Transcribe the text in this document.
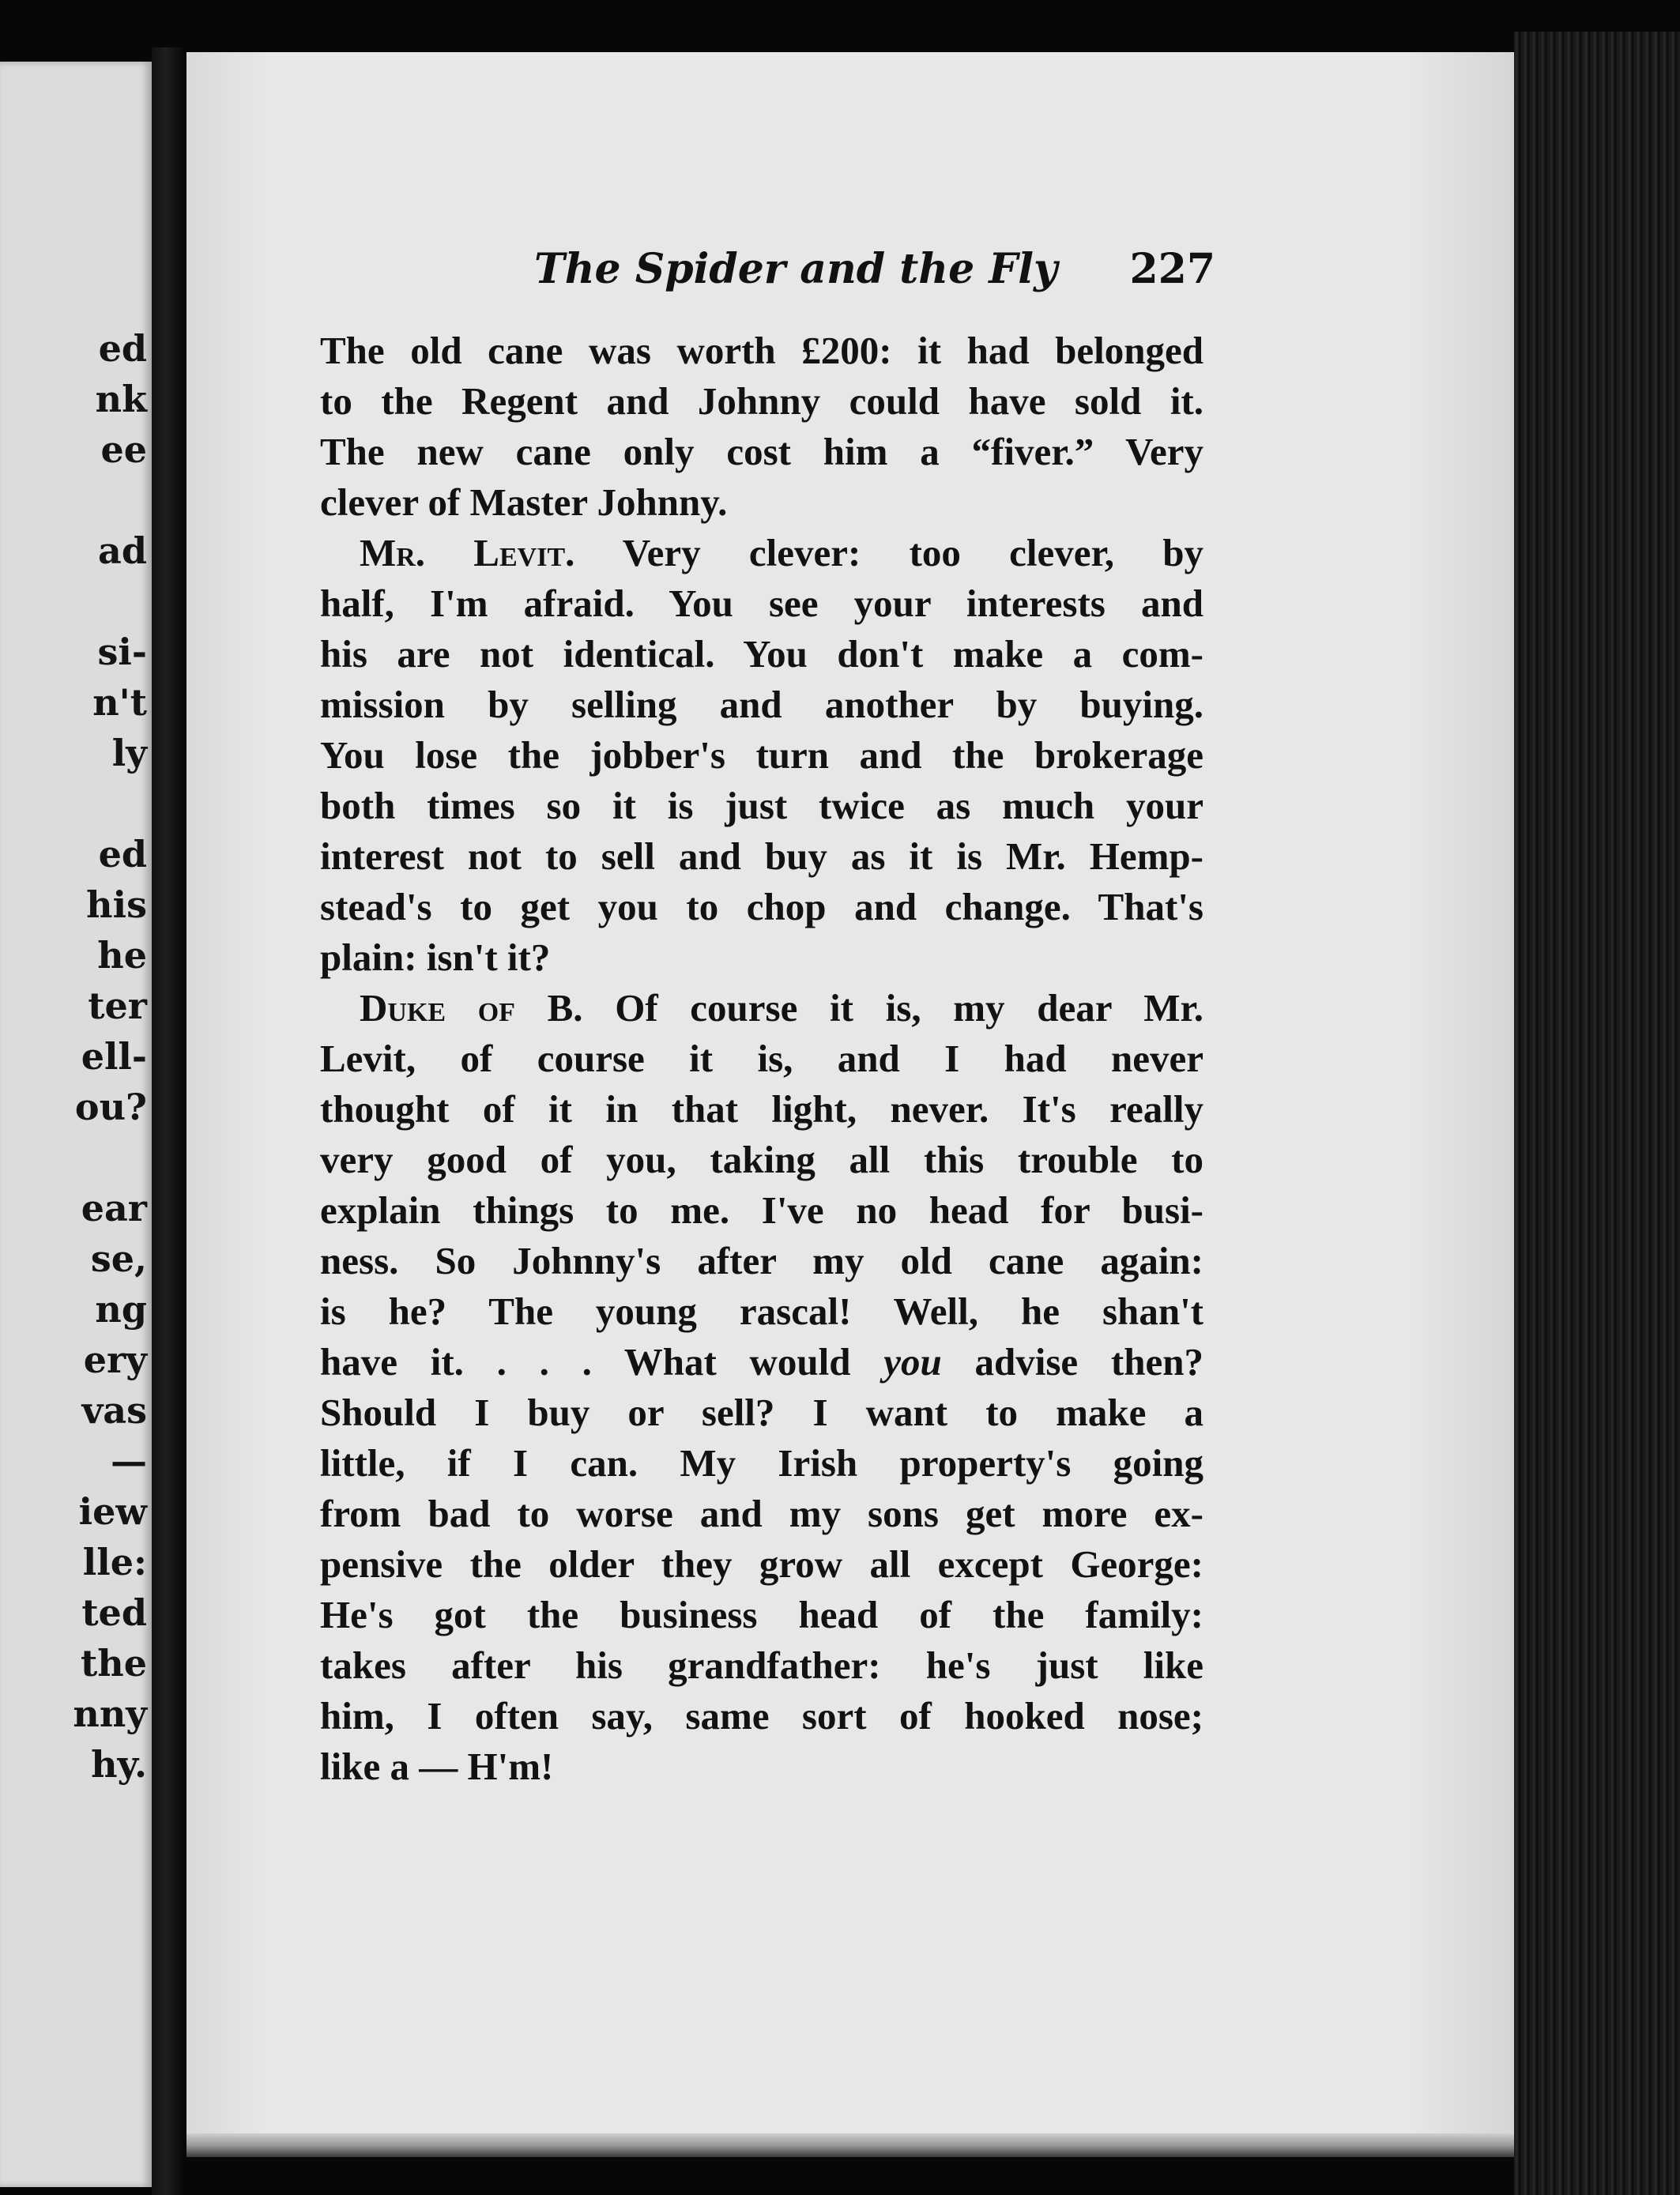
ed
nk
ee
ad
si-
n't
ly
ed
his
he
ter
ell-
ou?
ear
se,
ng
ery
vas
—
iew
lle:
ted
the
nny
hy.
The Spider and the Fly 227
The old cane was worth £200: it had belonged
to the Regent and Johnny could have sold it.
The new cane only cost him a “fiver.” Very
clever of Master Johnny.
Mr. Levit. Very clever: too clever, by
half, I'm afraid. You see your interests and
his are not identical. You don't make a com-
mission by selling and another by buying.
You lose the jobber's turn and the brokerage
both times so it is just twice as much your
interest not to sell and buy as it is Mr. Hemp-
stead's to get you to chop and change. That's
plain: isn't it?
Duke of B. Of course it is, my dear Mr.
Levit, of course it is, and I had never
thought of it in that light, never. It's really
very good of you, taking all this trouble to
explain things to me. I've no head for busi-
ness. So Johnny's after my old cane again:
is he? The young rascal! Well, he shan't
have it. . . . What would you advise then?
Should I buy or sell? I want to make a
little, if I can. My Irish property's going
from bad to worse and my sons get more ex-
pensive the older they grow all except George:
He's got the business head of the family:
takes after his grandfather: he's just like
him, I often say, same sort of hooked nose;
like a — H'm!
